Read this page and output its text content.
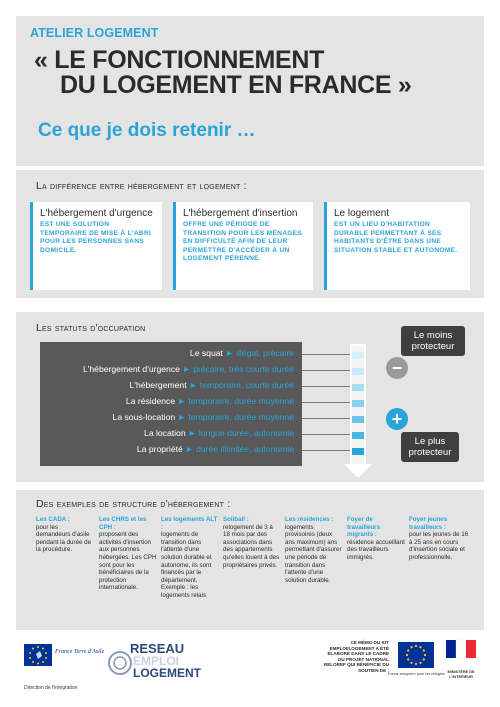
ATELIER LOGEMENT
« LE FONCTIONNEMENT
DU LOGEMENT EN FRANCE »
Ce que je dois retenir …
La différence entre hébergement et logement :
L'hébergement d'urgence
EST UNE SOLUTION TEMPORAIRE DE MISE À L'ABRI POUR LES PERSONNES SANS DOMICILE.
L'hébergement d'insertion
OFFRE UNE PÉRIODE DE TRANSITION POUR LES MÉNAGES EN DIFFICULTÉ AFIN DE LEUR PERMETTRE D'ACCÉDER À UN LOGEMENT PÉRENNE.
Le logement
EST UN LIEU D'HABITATION DURABLE PERMETTANT À SES HABITANTS D'ÊTRE DANS UNE SITUATION STABLE ET AUTONOME.
Les statuts d'occupation
Le squat ► illégal, précaire
L'hébergement d'urgence ► précaire, très courte durée
L'hébergement ► temporaire, courte durée
La résidence ► temporaire, durée moyenne
La sous-location ► temporaire, durée moyenne
La location ► longue durée, autonomie
La propriété ► durée illimitée, autonomie
−
+
Le moins protecteur
Le plus protecteur
Des exemples de structure d'hébergement :
Les CADA :
pour les demandeurs d'asile pendant la durée de la procédure.
Les CHRS et les CPH :
proposent des activités d'insertion aux personnes hébergées. Les CPH sont pour les bénéficiaires de la protection internationale.
Les logements ALT :
logements de transition dans l'attente d'une solution durable et autonome, ils sont financés par le département. Exemple : les logements relais
Solibail :
relogement de 3 à 18 mois par des associations dans des appartements qu'elles louent à des propriétaires privés.
Les résidences :
logements provisoires (deux ans maximum) ans permettant d'assurer une période de transition dans l'attente d'une solution durable.
Foyer de travailleurs migrants :
résidence accueillant des travailleurs immigrés.
Foyer jeunes travailleurs :
pour les jeunes de 16 à 25 ans en cours d'insertion sociale et professionnelle.
France Terre d'Asile
Direction de l'intégration
RESEAU
EMPLOI
LOGEMENT
CE MÉMO DU KIT EMPLOI/LOGEMENT A ÉTÉ ÉLABORÉ DANS LE CADRE DU PROJET NATIONAL RELOREF QUI BÉNÉFICIE DU SOUTIEN DE :
Fonds européen pour les réfugiés MINISTÈRE DE L'INTÉRIEUR
